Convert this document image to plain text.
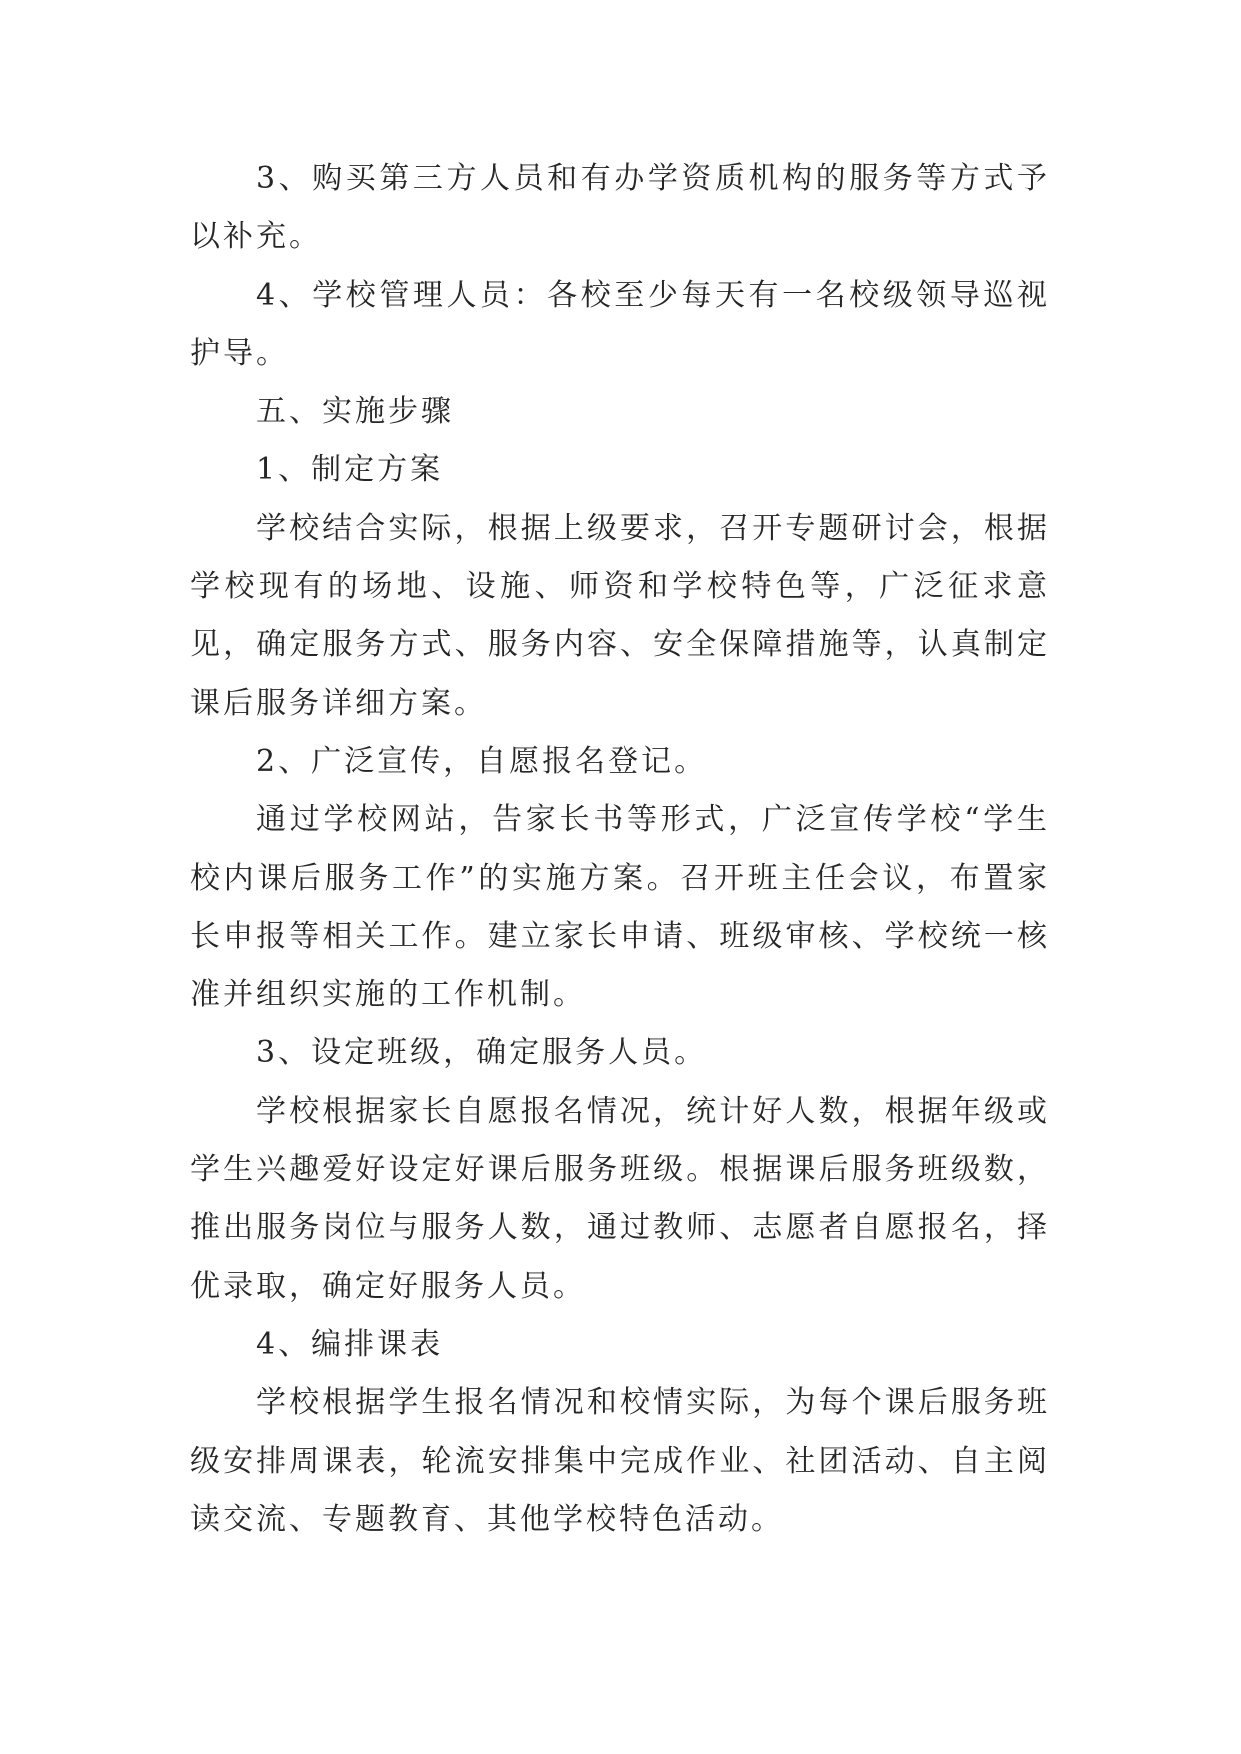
3、购买第三方人员和有办学资质机构的服务等方式予以补充。

4、学校管理人员：各校至少每天有一名校级领导巡视护导。

五、实施步骤

1、制定方案

学校结合实际，根据上级要求，召开专题研讨会，根据学校现有的场地、设施、师资和学校特色等，广泛征求意见，确定服务方式、服务内容、安全保障措施等，认真制定课后服务详细方案。

2、广泛宣传，自愿报名登记。

通过学校网站，告家长书等形式，广泛宣传学校“学生校内课后服务工作”的实施方案。召开班主任会议，布置家长申报等相关工作。建立家长申请、班级审核、学校统一核准并组织实施的工作机制。

3、设定班级，确定服务人员。

学校根据家长自愿报名情况，统计好人数，根据年级或学生兴趣爱好设定好课后服务班级。根据课后服务班级数，推出服务岗位与服务人数，通过教师、志愿者自愿报名，择优录取，确定好服务人员。

4、编排课表

学校根据学生报名情况和校情实际，为每个课后服务班级安排周课表，轮流安排集中完成作业、社团活动、自主阅读交流、专题教育、其他学校特色活动。
